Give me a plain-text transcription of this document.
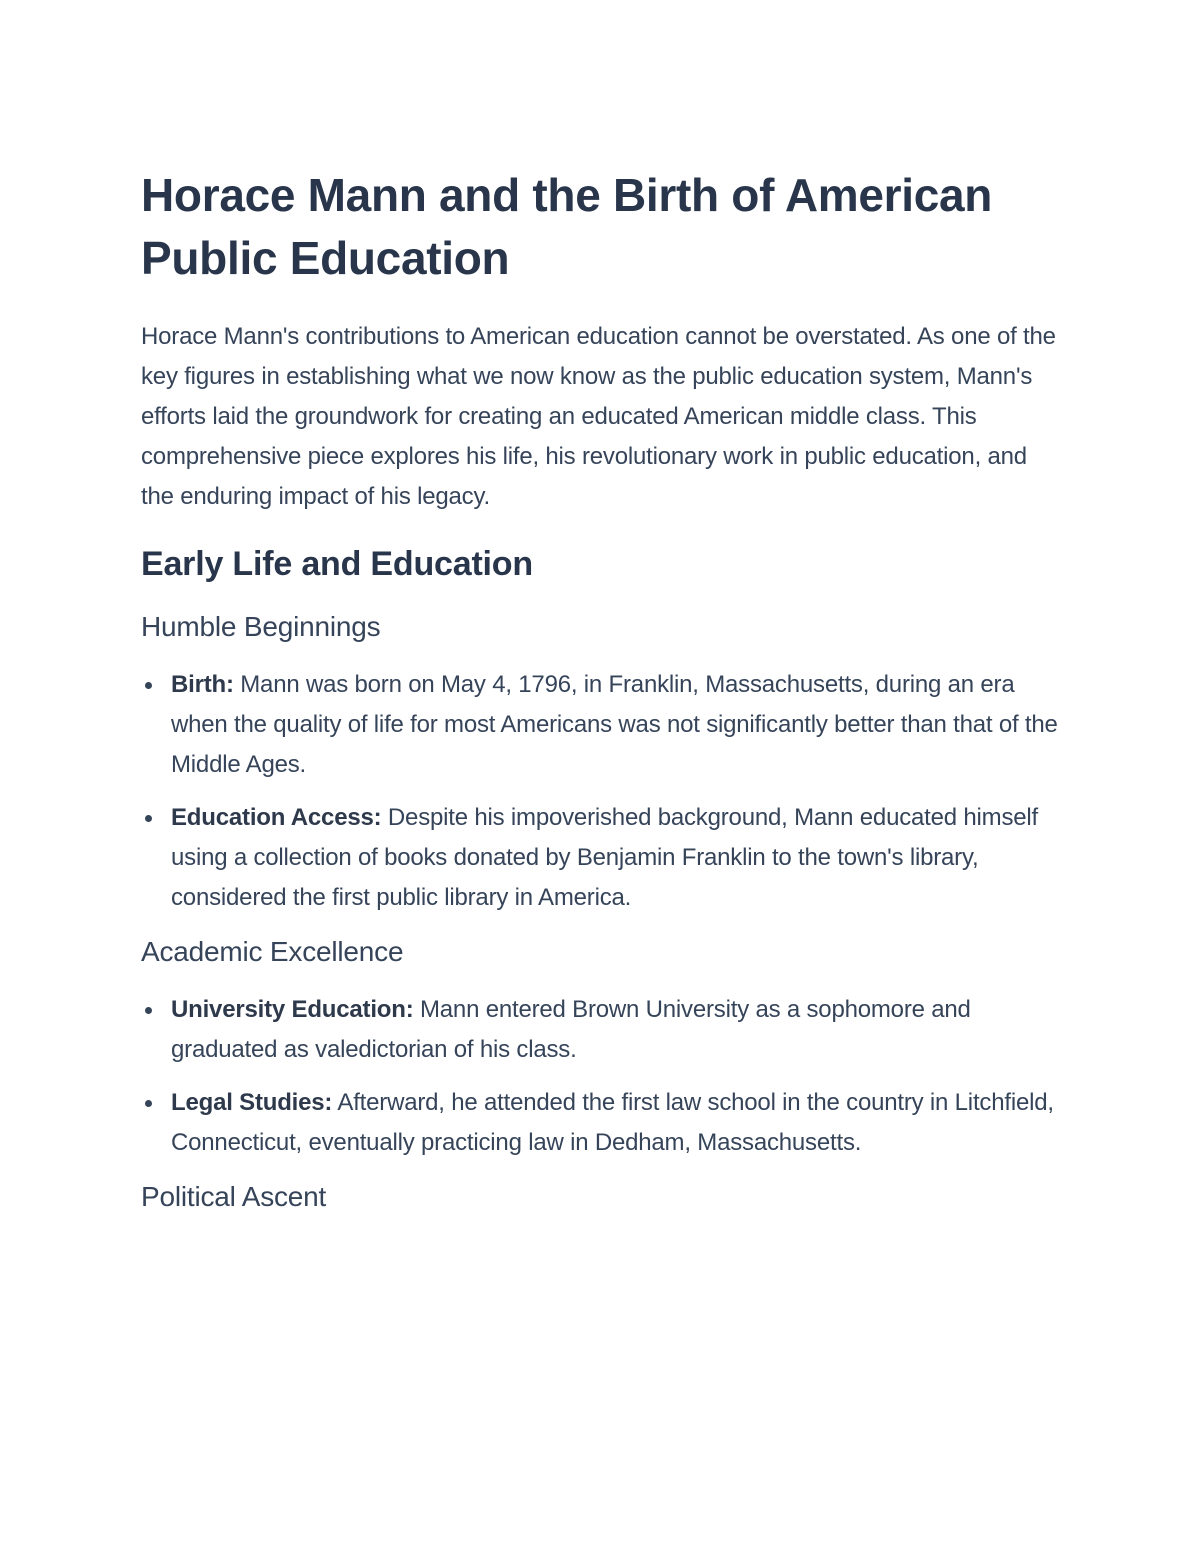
Horace Mann and the Birth of American Public Education

Horace Mann's contributions to American education cannot be overstated. As one of the key figures in establishing what we now know as the public education system, Mann's efforts laid the groundwork for creating an educated American middle class. This comprehensive piece explores his life, his revolutionary work in public education, and the enduring impact of his legacy.

Early Life and Education
Humble Beginnings
Birth: Mann was born on May 4, 1796, in Franklin, Massachusetts, during an era when the quality of life for most Americans was not significantly better than that of the Middle Ages.
Education Access: Despite his impoverished background, Mann educated himself using a collection of books donated by Benjamin Franklin to the town's library, considered the first public library in America.
Academic Excellence
University Education: Mann entered Brown University as a sophomore and graduated as valedictorian of his class.
Legal Studies: Afterward, he attended the first law school in the country in Litchfield, Connecticut, eventually practicing law in Dedham, Massachusetts.
Political Ascent
